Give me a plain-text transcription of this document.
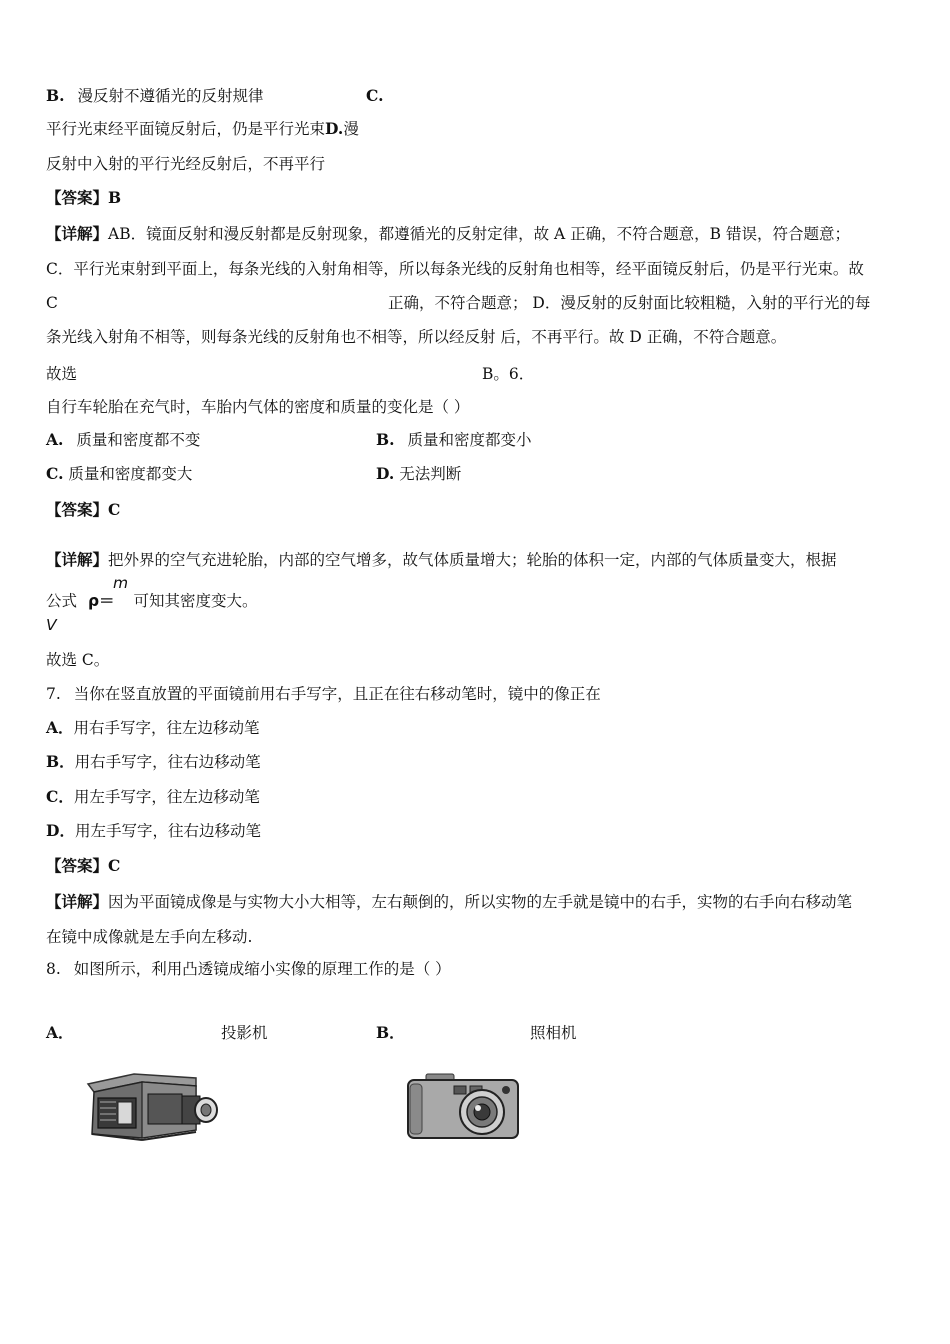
B. 漫反射不遵循光的反射规律	C.
平行光束经平面镜反射后，仍是平行光束D.漫
反射中入射的平行光经反射后，不再平行
【答案】B
【详解】AB．镜面反射和漫反射都是反射现象，都遵循光的反射定律，故 A 正确，不符合题意，B 错误，符合题意；
C．平行光束射到平面上，每条光线的入射角相等，所以每条光线的反射角也相等，经平面镜反射后，仍是平行光束。故
C	正确，不符合题意； D．漫反射的反射面比较粗糙，入射的平行光的每
条光线入射角不相等，则每条光线的反射角也不相等，所以经反射 后，不再平行。故 D 正确，不符合题意。
故选	B。6．
自行车轮胎在充气时，车胎内气体的密度和质量的变化是（ ）
A. 质量和密度都不变	B. 质量和密度都变小
C. 质量和密度都变大	D. 无法判断
【答案】C
【详解】把外界的空气充进轮胎，内部的空气增多，故气体质量增大；轮胎的体积一定，内部的气体质量变大，根据
m
公式 ρ＝ 可知其密度变大。
V
故选 C。
7. 当你在竖直放置的平面镜前用右手写字，且正在往右移动笔时，镜中的像正在
A．用右手写字，往左边移动笔
B．用右手写字，往右边移动笔
C．用左手写字，往左边移动笔
D．用左手写字，往右边移动笔
【答案】C
【详解】因为平面镜成像是与实物大小大相等，左右颠倒的，所以实物的左手就是镜中的右手，实物的右手向右移动笔
在镜中成像就是左手向左移动.
8. 如图所示，利用凸透镜成缩小实像的原理工作的是（ ）
A．	投影机	B．	照相机
